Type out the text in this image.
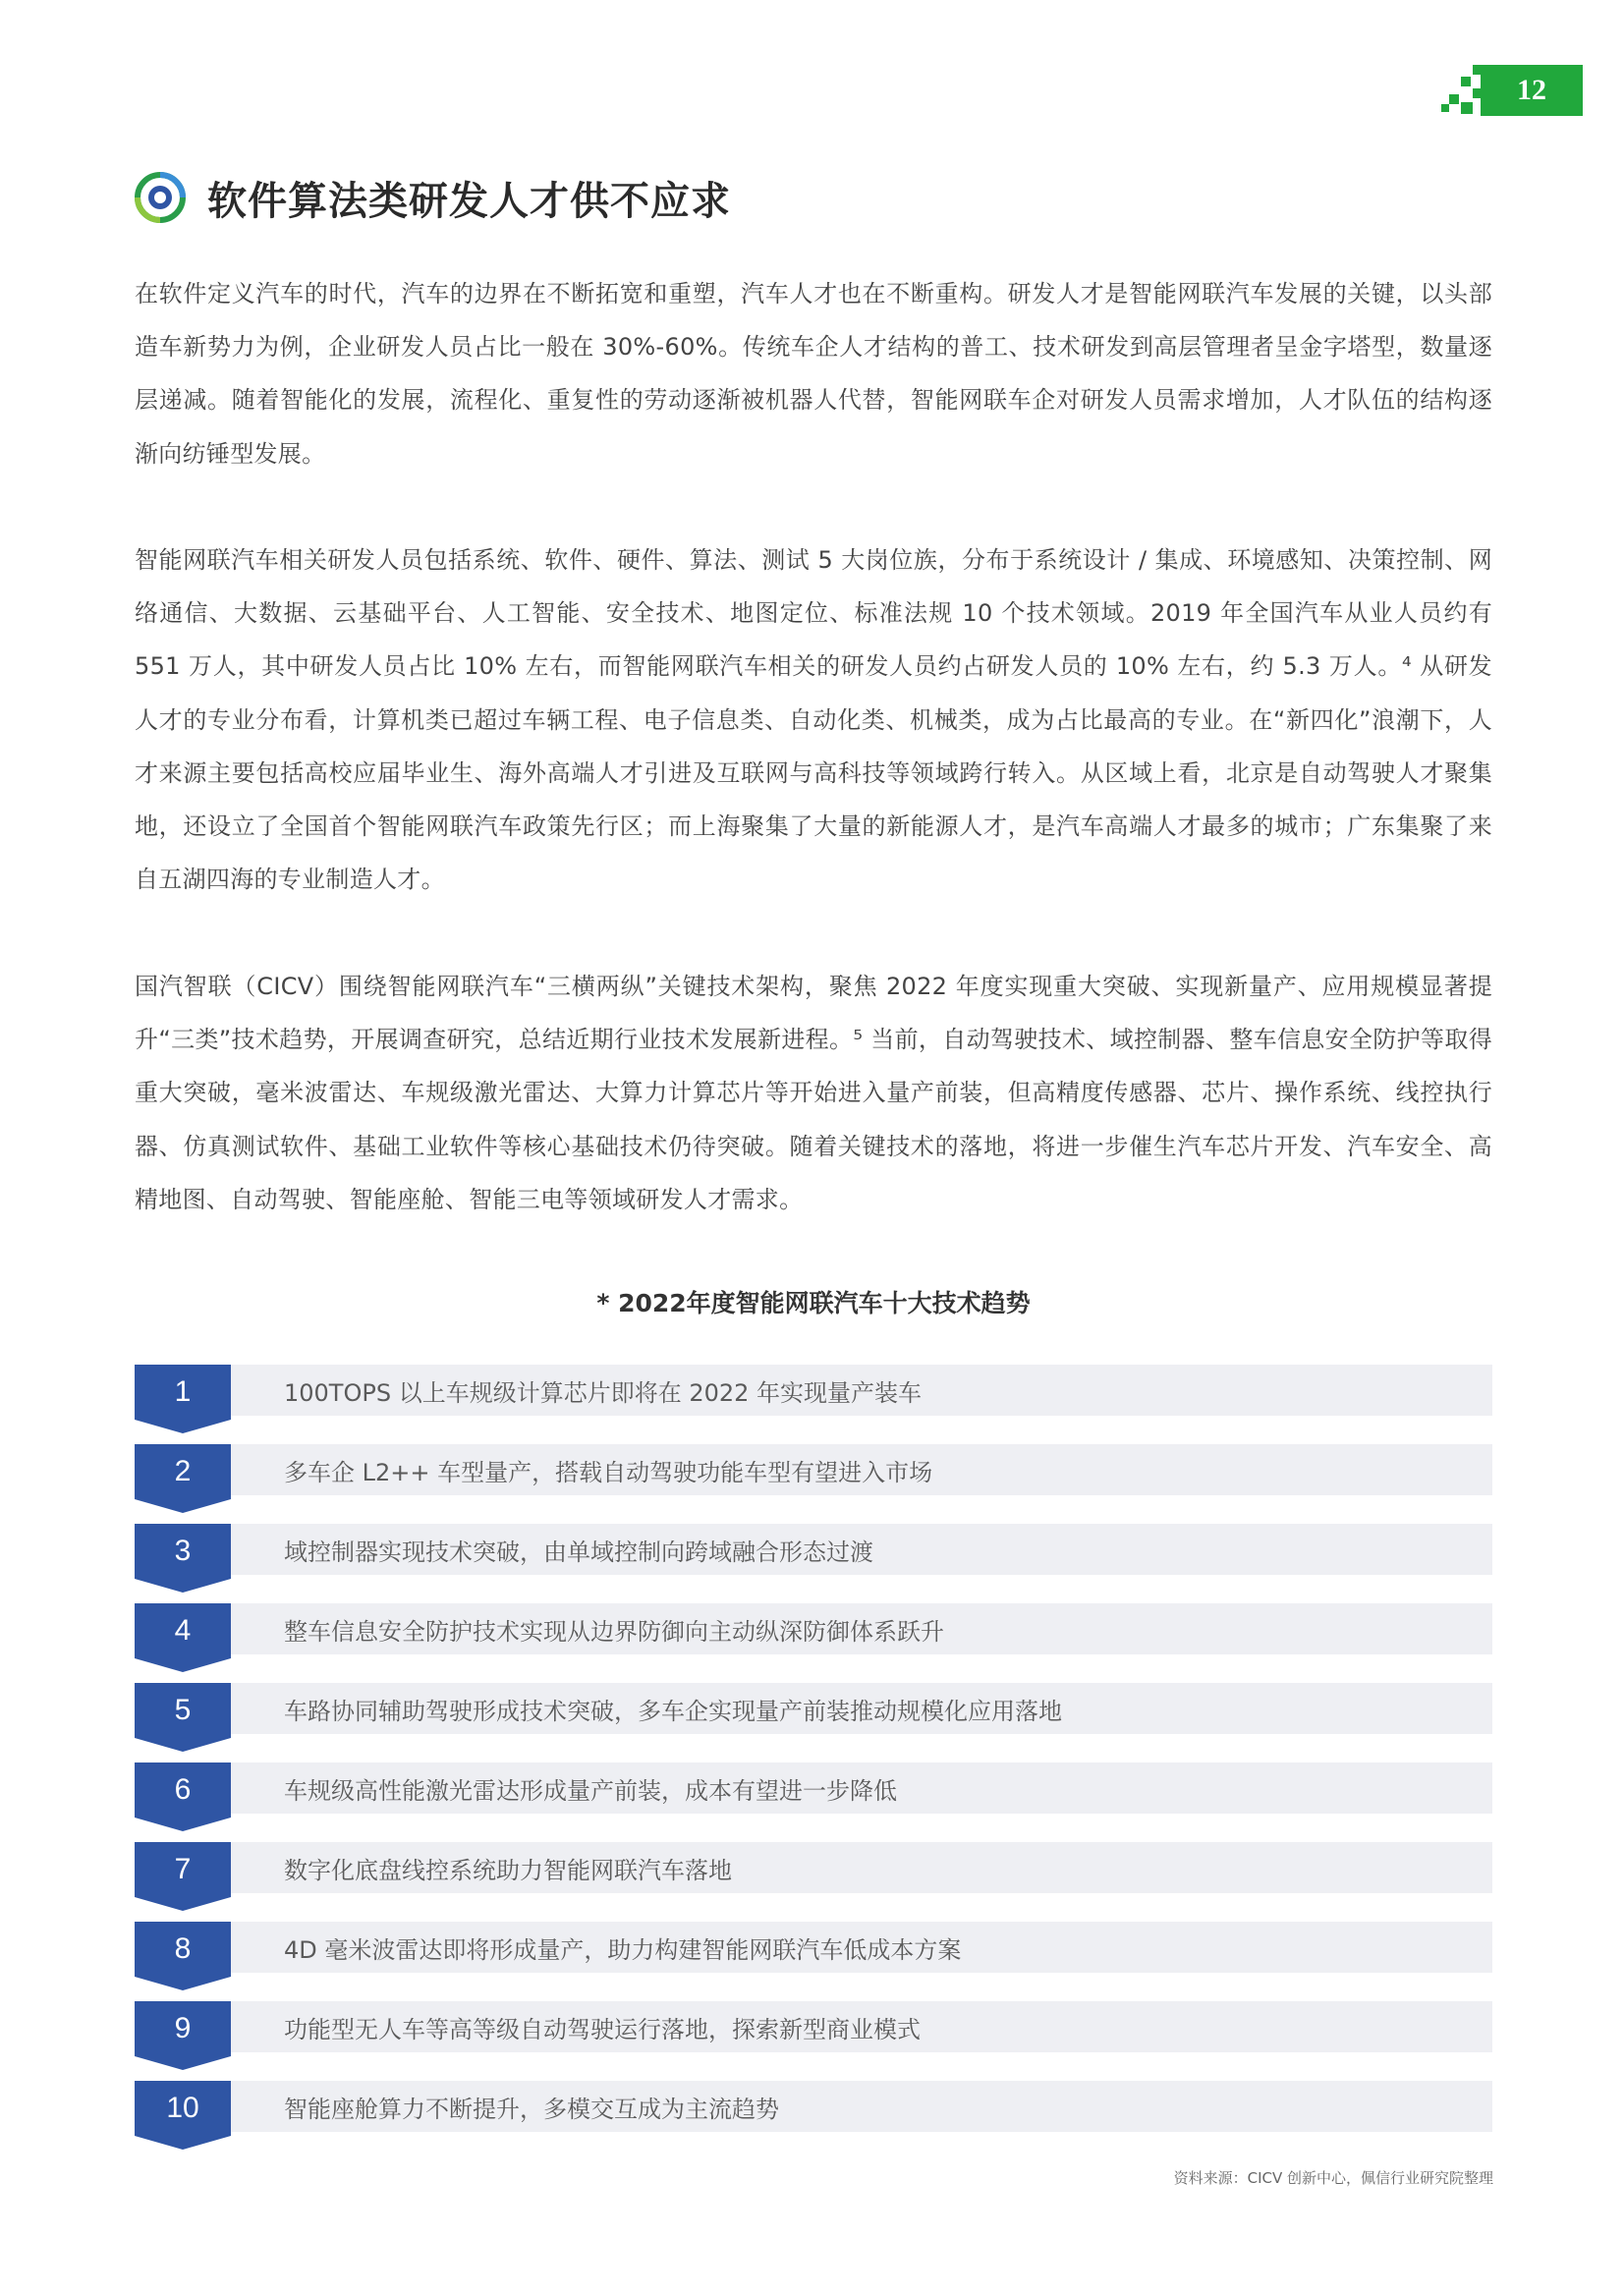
12
软件算法类研发人才供不应求
在软件定义汽车的时代，汽车的边界在不断拓宽和重塑，汽车人才也在不断重构。研发人才是智能网联汽车发展的关键，以头部造车新势力为例，企业研发人员占比一般在 30%-60%。传统车企人才结构的普工、技术研发到高层管理者呈金字塔型，数量逐层递减。随着智能化的发展，流程化、重复性的劳动逐渐被机器人代替，智能网联车企对研发人员需求增加，人才队伍的结构逐渐向纺锤型发展。
智能网联汽车相关研发人员包括系统、软件、硬件、算法、测试 5 大岗位族，分布于系统设计 / 集成、环境感知、决策控制、网络通信、大数据、云基础平台、人工智能、安全技术、地图定位、标准法规 10 个技术领域。2019 年全国汽车从业人员约有 551 万人，其中研发人员占比 10% 左右，而智能网联汽车相关的研发人员约占研发人员的 10% 左右，约 5.3 万人。⁴ 从研发人才的专业分布看，计算机类已超过车辆工程、电子信息类、自动化类、机械类，成为占比最高的专业。在“新四化”浪潮下，人才来源主要包括高校应届毕业生、海外高端人才引进及互联网与高科技等领域跨行转入。从区域上看，北京是自动驾驶人才聚集地，还设立了全国首个智能网联汽车政策先行区；而上海聚集了大量的新能源人才，是汽车高端人才最多的城市；广东集聚了来自五湖四海的专业制造人才。
国汽智联（CICV）围绕智能网联汽车“三横两纵”关键技术架构，聚焦 2022 年度实现重大突破、实现新量产、应用规模显著提升“三类”技术趋势，开展调查研究，总结近期行业技术发展新进程。⁵ 当前，自动驾驶技术、域控制器、整车信息安全防护等取得重大突破，毫米波雷达、车规级激光雷达、大算力计算芯片等开始进入量产前装，但高精度传感器、芯片、操作系统、线控执行器、仿真测试软件、基础工业软件等核心基础技术仍待突破。随着关键技术的落地，将进一步催生汽车芯片开发、汽车安全、高精地图、自动驾驶、智能座舱、智能三电等领域研发人才需求。
* 2022年度智能网联汽车十大技术趋势
1	100TOPS 以上车规级计算芯片即将在 2022 年实现量产装车
2	多车企 L2++ 车型量产，搭载自动驾驶功能车型有望进入市场
3	域控制器实现技术突破，由单域控制向跨域融合形态过渡
4	整车信息安全防护技术实现从边界防御向主动纵深防御体系跃升
5	车路协同辅助驾驶形成技术突破，多车企实现量产前装推动规模化应用落地
6	车规级高性能激光雷达形成量产前装，成本有望进一步降低
7	数字化底盘线控系统助力智能网联汽车落地
8	4D 毫米波雷达即将形成量产，助力构建智能网联汽车低成本方案
9	功能型无人车等高等级自动驾驶运行落地，探索新型商业模式
10	智能座舱算力不断提升，多模交互成为主流趋势
资料来源：CICV 创新中心，佩信行业研究院整理
